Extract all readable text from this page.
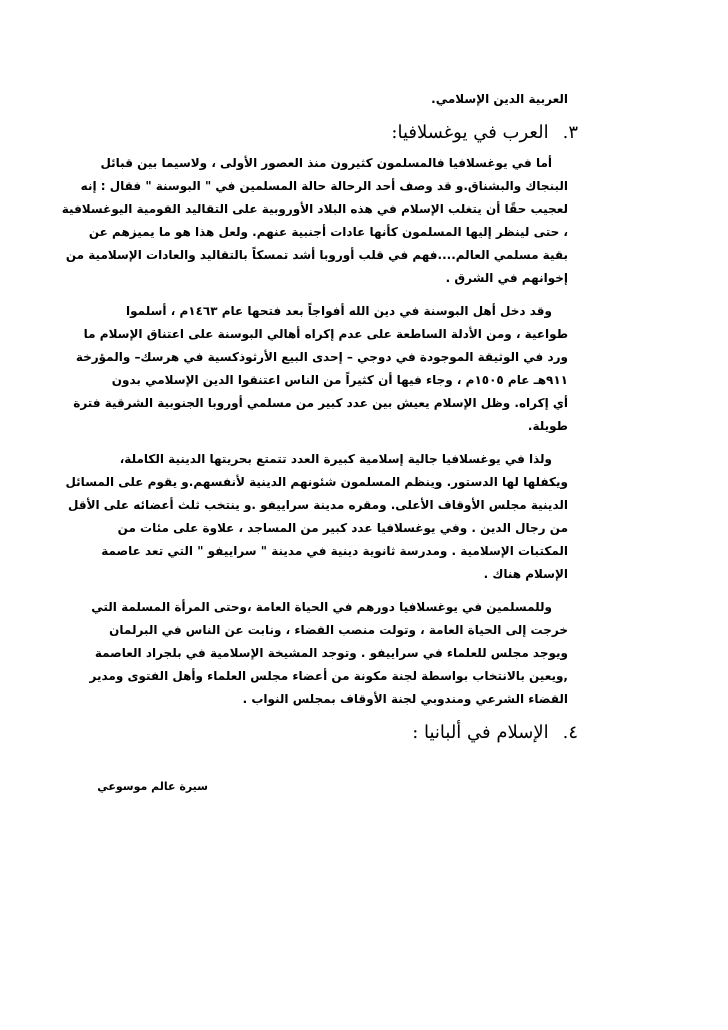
العربية الدين الإسلامي.
٣.العرب في يوغسلافيا:
أما في يوغسلافيا فالمسلمون كثيرون منذ العصور الأولى ، ولاسيما بين قبائل
البنجاك والبشناق.و قد وصف أحد الرحالة حالة المسلمين في " البوسنة " فقال : إنه
لعجيب حقًا أن يتغلب الإسلام في هذه البلاد الأوروبية على التقاليد القومية اليوغسلافية
، حتى لينظر إليها المسلمون كأنها عادات أجنبية عنهم. ولعل هذا هو ما يميزهم عن
بقية مسلمي العالم....فهم في قلب أوروبا أشد تمسكاً بالتقاليد والعادات الإسلامية من
إخوانهم في الشرق .
وقد دخل أهل البوسنة في دين الله أفواجاً بعد فتحها عام ١٤٦٣م ، أسلموا
طواعية ، ومن الأدلة الساطعة على عدم إكراه أهالي البوسنة على اعتناق الإسلام ما
ورد في الوثيقة الموجودة في دوجي – إحدى البيع الأرثوذكسية في هرسك– والمؤرخة
٩١١هـ عام ١٥٠٥م ، وجاء فيها أن كثيراً من الناس اعتنقوا الدين الإسلامي بدون
أي إكراه. وظل الإسلام يعيش بين عدد كبير من مسلمي أوروبا الجنوبية الشرقية فترة
طويلة.
ولذا في يوغسلافيا جالية إسلامية كبيرة العدد تتمتع بحريتها الدينية الكاملة،
ويكفلها لها الدستور. وينظم المسلمون شئونهم الدينية لأنفسهم.و يقوم على المسائل
الدينية مجلس الأوقاف الأعلى. ومقره مدينة سراييفو .و ينتخب ثلث أعضائه على الأقل
من رجال الدين . وفي يوغسلافيا عدد كبير من المساجد ، علاوة على مئات من
المكتبات الإسلامية . ومدرسة ثانوية دينية في مدينة " سراييفو " التي تعد عاصمة
الإسلام هناك .
وللمسلمين في يوغسلافيا دورهم في الحياة العامة ،وحتى المرأة المسلمة التي
خرجت إلى الحياة العامة ، وتولت منصب القضاء ، ونابت عن الناس في البرلمان
ويوجد مجلس للعلماء في سراييفو . وتوجد المشيخة الإسلامية في بلجراد العاصمة
,ويعين بالانتخاب بواسطة لجنة مكونة من أعضاء مجلس العلماء وأهل الفتوى ومدير
القضاء الشرعي ومندوبي لجنة الأوقاف بمجلس النواب .
٤.الإسلام في ألبانيا :
سيرة عالم موسوعي
